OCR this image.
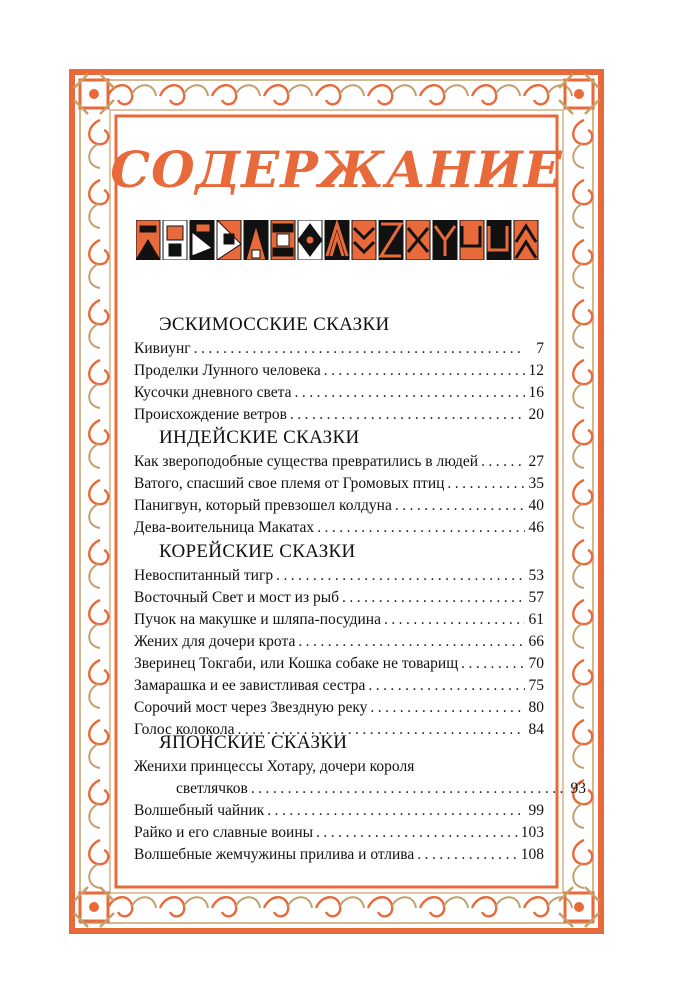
СОДЕРЖАНИЕ
ЭСКИМОССКИЕ СКАЗКИ
Кивиунг . . .	7
Проделки Лунного человека . . .	12
Кусочки дневного света . . .	16
Происхождение ветров . . .	20
ИНДЕЙСКИЕ СКАЗКИ
Как звероподобные существа превратились в людей . . .	27
Ватого, спасший свое племя от Громовых птиц . . .	35
Панигвун, который превзошел колдуна . . .	40
Дева-воительница Макатах . . .	46
КОРЕЙСКИЕ СКАЗКИ
Невоспитанный тигр . . .	53
Восточный Свет и мост из рыб . . .	57
Пучок на макушке и шляпа-посудина . . .	61
Жених для дочери крота . . .	66
Зверинец Токгаби, или Кошка собаке не товарищ . . .	70
Замарашка и ее завистливая сестра . . .	75
Сорочий мост через Звездную реку . . .	80
Голос колокола . . .	84
ЯПОНСКИЕ СКАЗКИ
Женихи принцессы Хотару, дочери короля
светлячков . . .	93
Волшебный чайник . . .	99
Райко и его славные воины . . .	103
Волшебные жемчужины прилива и отлива . . .	108
